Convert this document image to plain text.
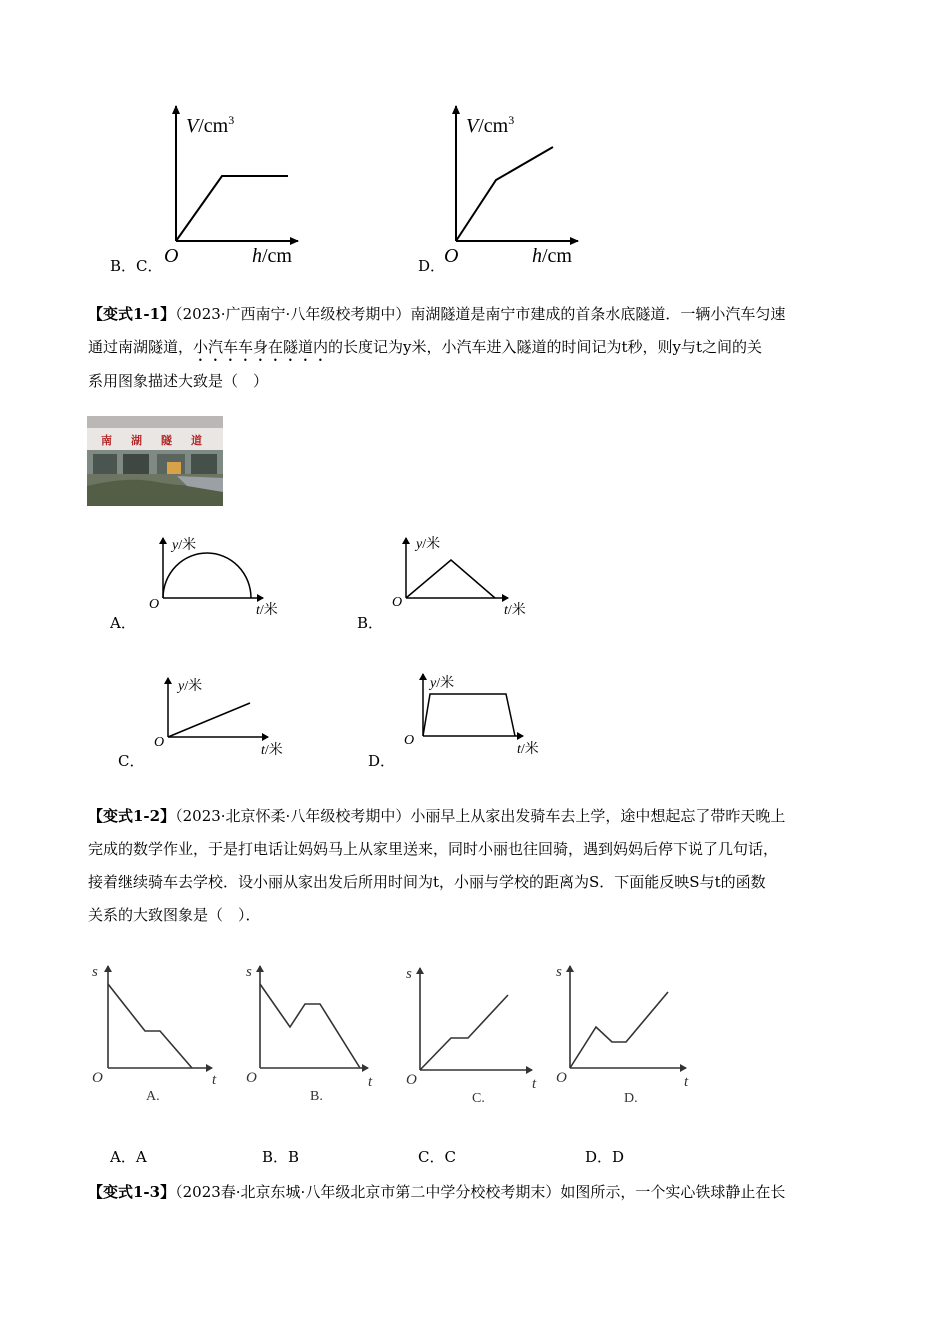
$V/cm^3$
O	h/cm
$V/cm^3$
O	h/cm
B．C．	D．
【变式1-1】（2023·广西南宁·八年级校考期中）南湖隧道是南宁市建成的首条水底隧道．一辆小汽车匀速
通过南湖隧道，小汽车车身在隧道内的长度记为y米，小汽车进入隧道的时间记为t秒，则y与t之间的关
系用图象描述大致是（　）
南 湖 隧 道
y/米
O	t/米
y/米
O
t/米
A．	B．
y/米
O
t/米
y/米
O
t/米
C．	D．
【变式1-2】（2023·北京怀柔·八年级校考期中）小丽早上从家出发骑车去上学，途中想起忘了带昨天晚上
完成的数学作业，于是打电话让妈妈马上从家里送来，同时小丽也往回骑，遇到妈妈后停下说了几句话，
接着继续骑车去学校．设小丽从家出发后所用时间为t，小丽与学校的距离为S．下面能反映S与t的函数
关系的大致图象是（　）．
s
O	t
A.
s
O	t
B.
s
O	t
C.
s
O	t
D.
A．A	B．B	C．C	D．D
【变式1-3】（2023春·北京东城·八年级北京市第二中学分校校考期末）如图所示，一个实心铁球静止在长
